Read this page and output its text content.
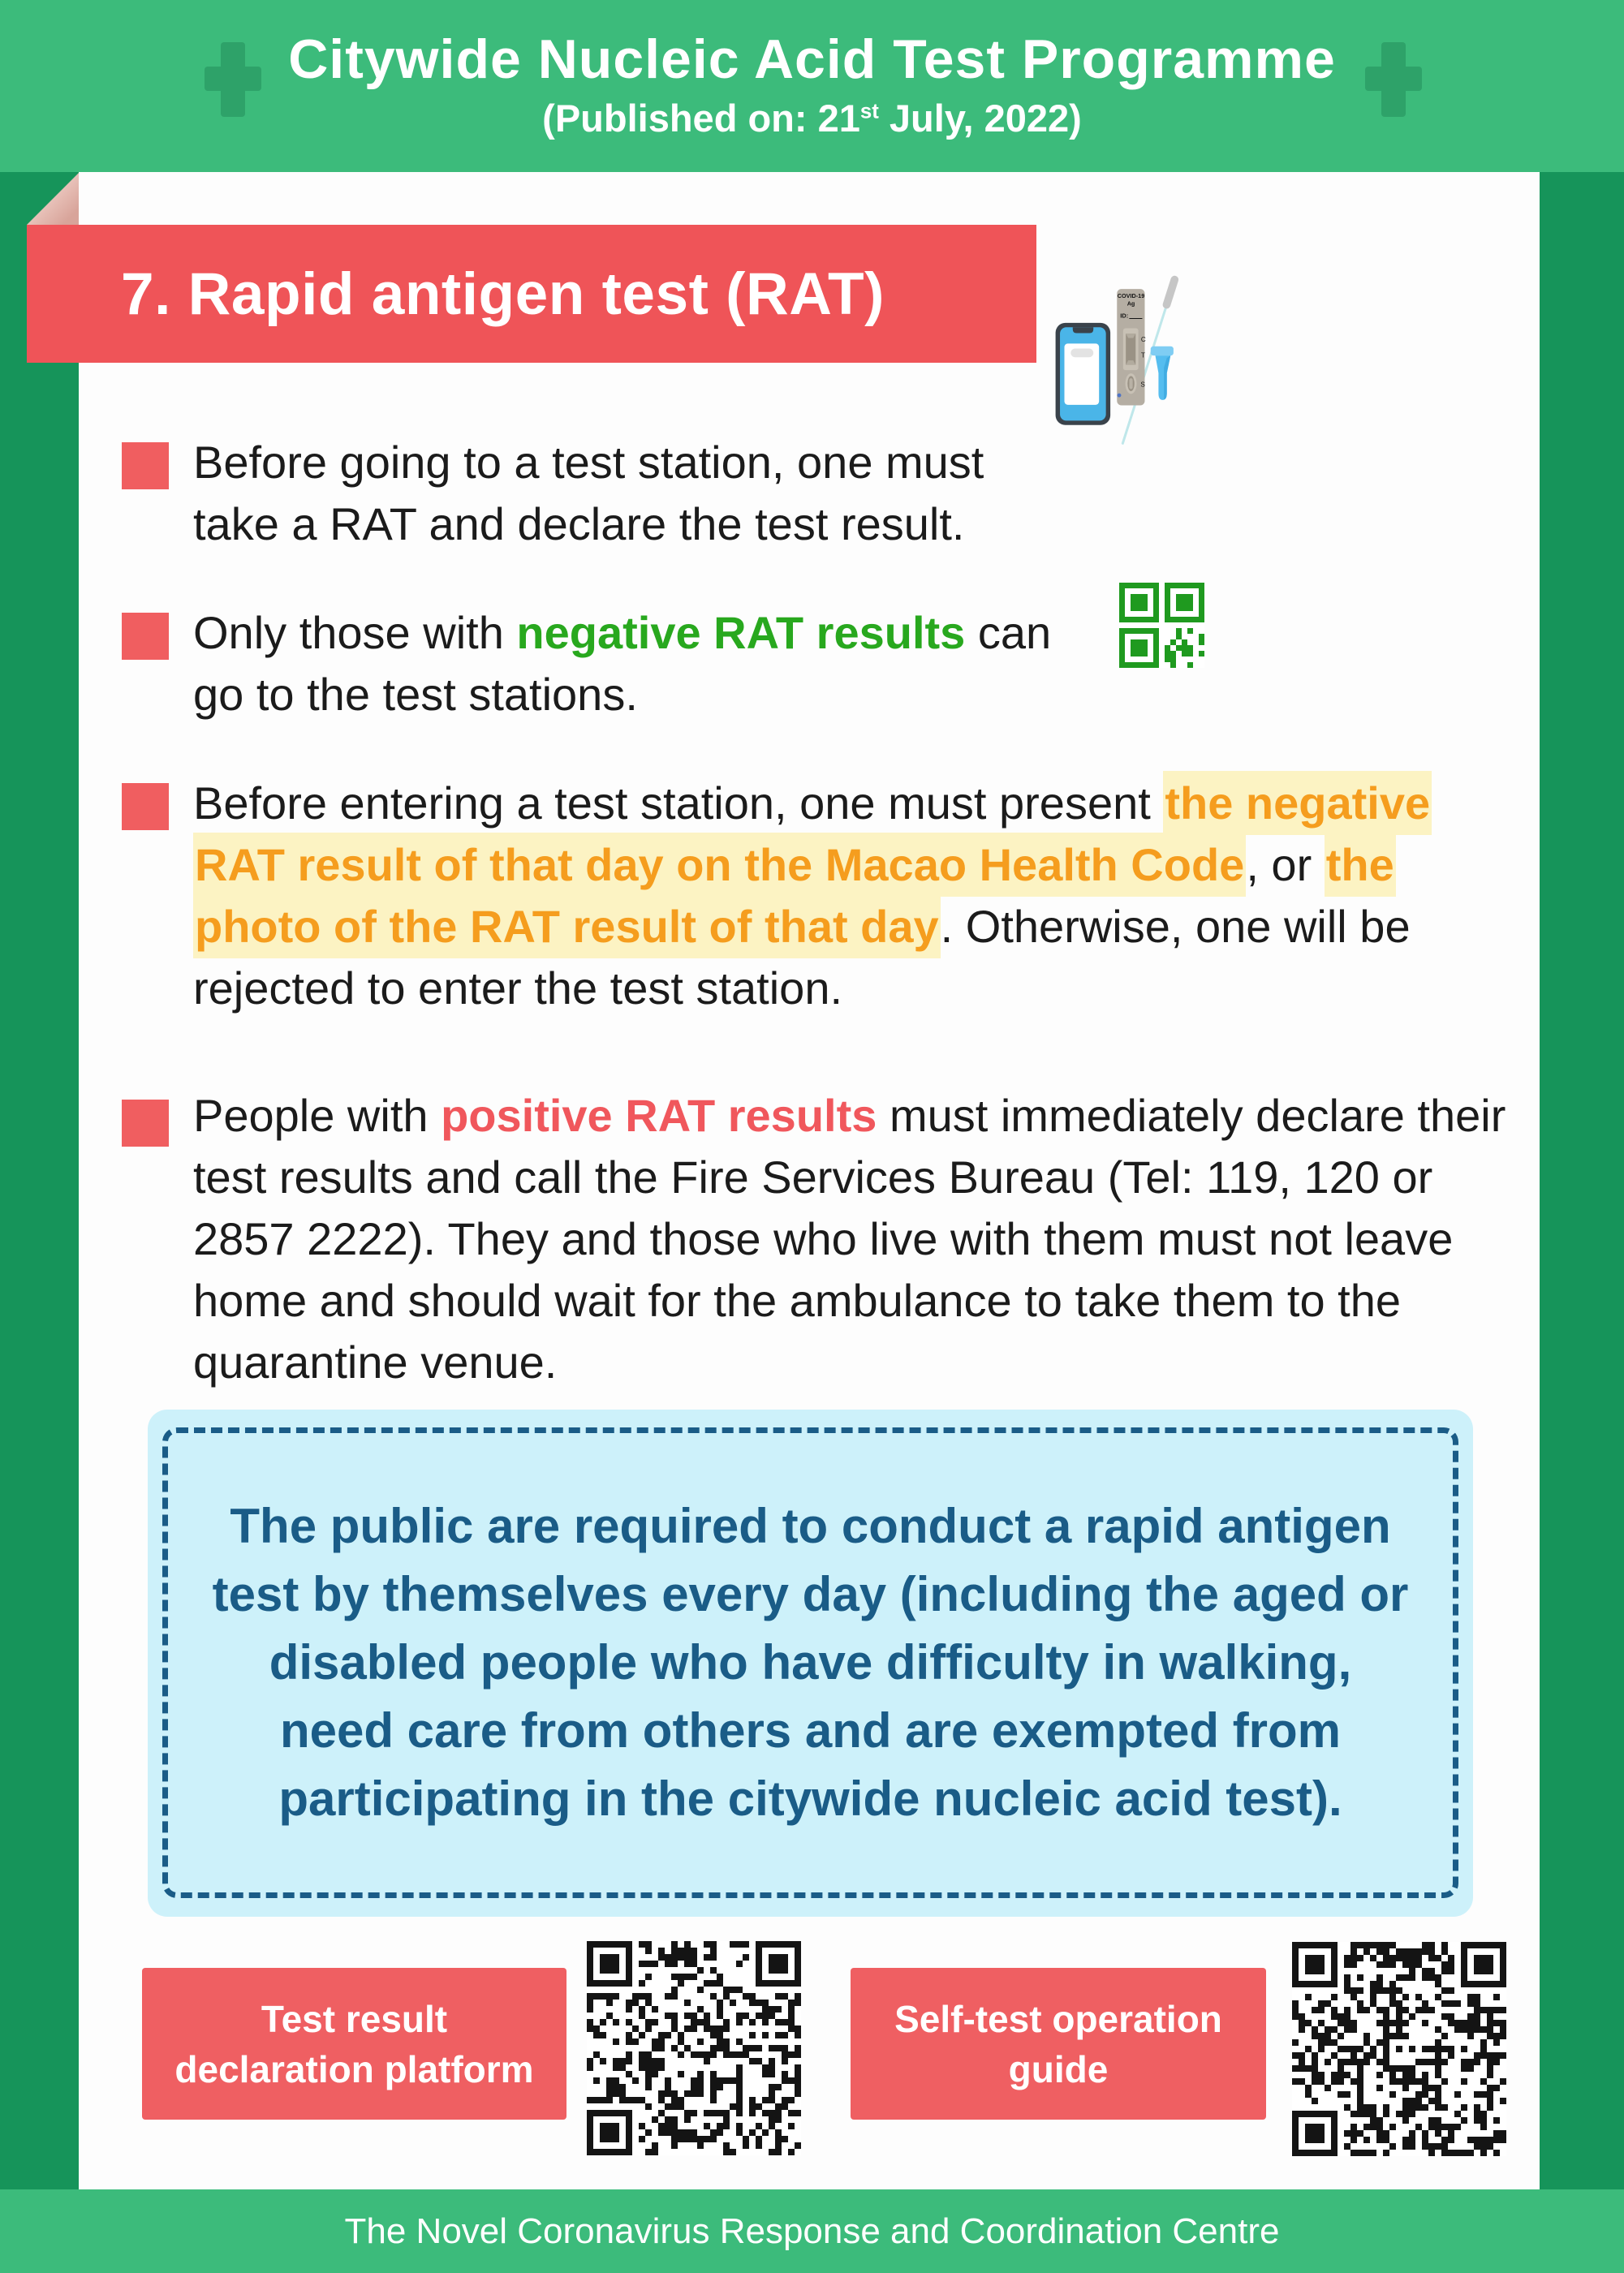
Citywide Nucleic Acid Test Programme
(Published on: 21st July, 2022)
7. Rapid antigen test (RAT)	COVID-19
Ag
ID:
C
T
S
Before going to a test station, one must take a RAT and declare the test result.
Only those with negative RAT results can go to the test stations.
Before entering a test station, one must present the negative RAT result of that day on the Macao Health Code, or the photo of the RAT result of that day. Otherwise, one will be rejected to enter the test station.
People with positive RAT results must immediately declare their test results and call the Fire Services Bureau (Tel: 119, 120 or 2857 2222). They and those who live with them must not leave home and should wait for the ambulance to take them to the quarantine venue.
The public are required to conduct a rapid antigen test by themselves every day (including the aged or disabled people who have difficulty in walking, need care from others and are exempted from participating in the citywide nucleic acid test).
Test result declaration platform
Self-test operation guide
The Novel Coronavirus Response and Coordination Centre
